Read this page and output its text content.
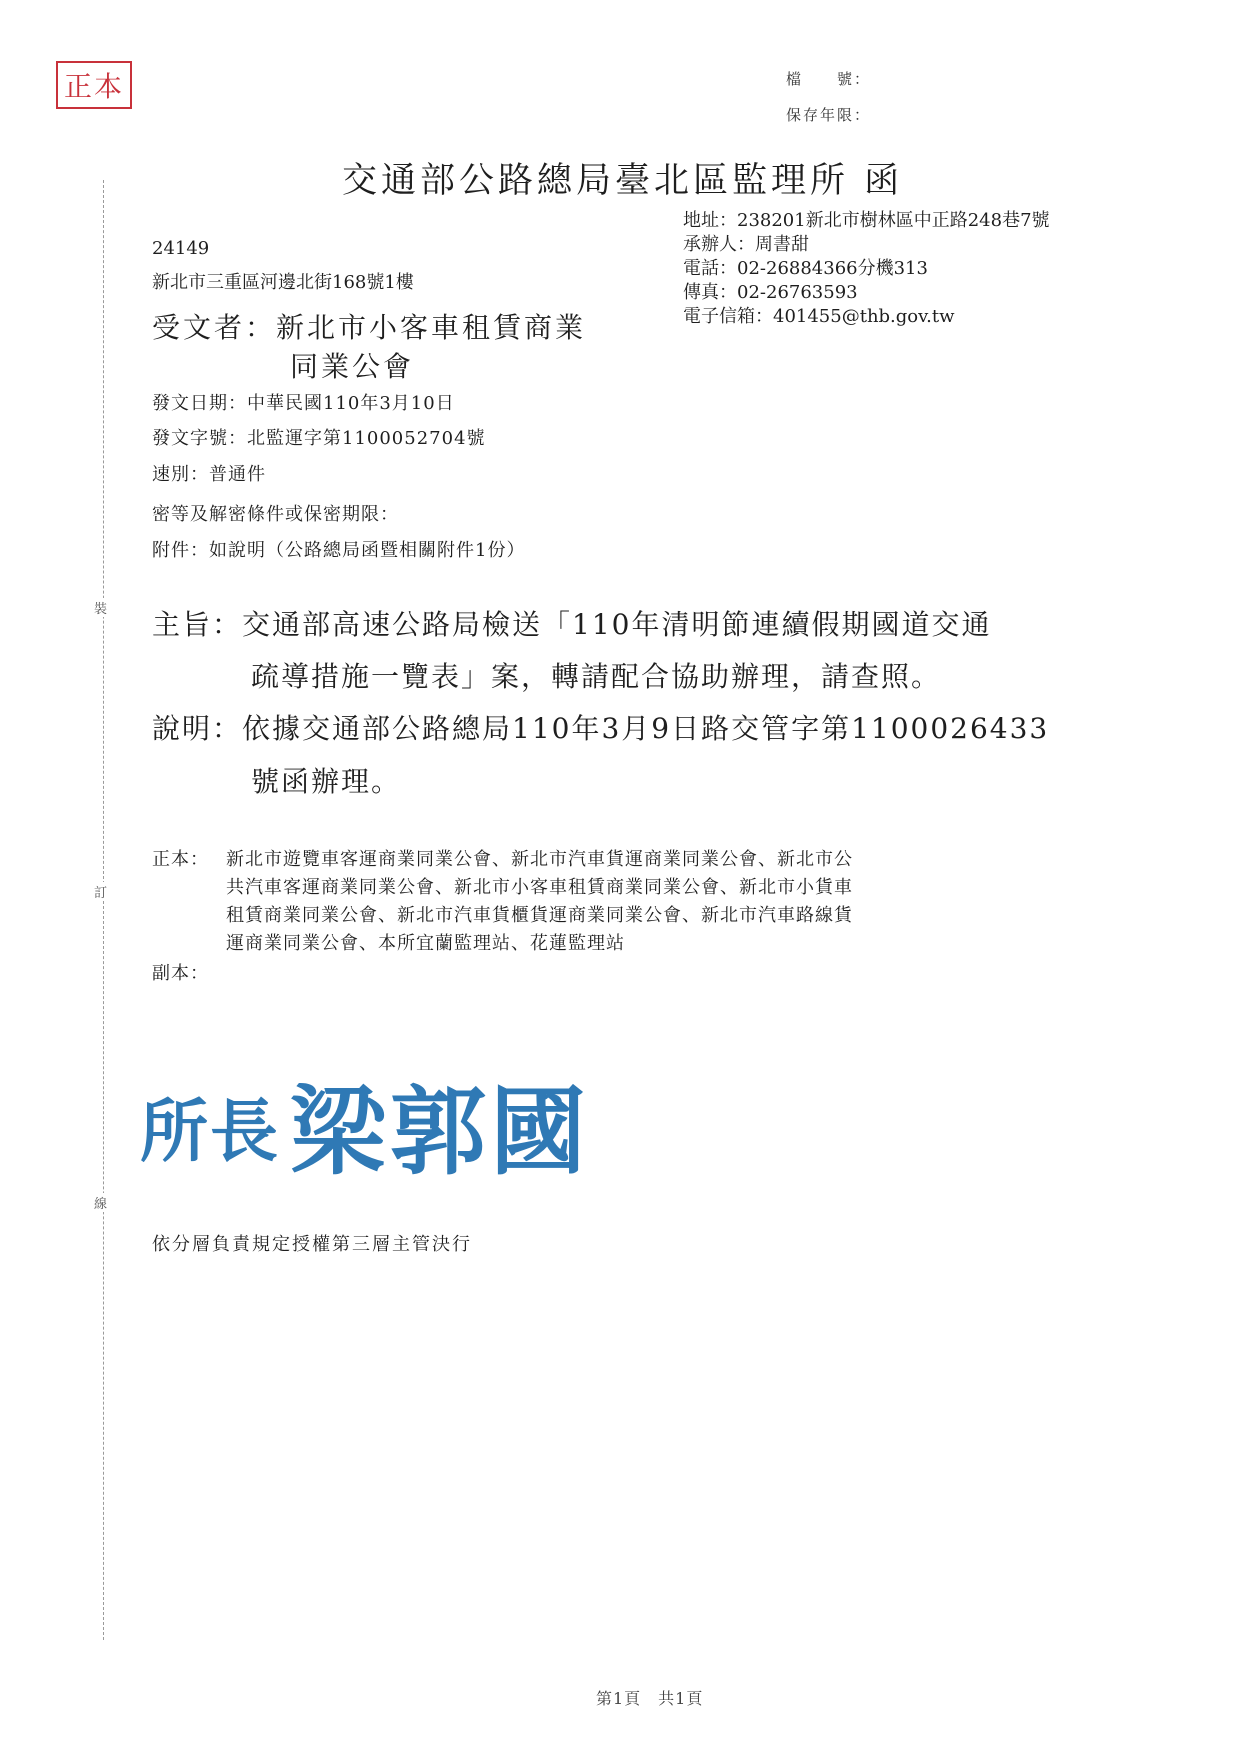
正本	檔　　號：
保存年限：
交通部公路總局臺北區監理所 函
地址：238201新北市樹林區中正路248巷7號
承辦人：周書甜
電話：02-26884366分機313
傳真：02-26763593
電子信箱：401455@thb.gov.tw
24149
新北市三重區河邊北街168號1樓
受文者：新北市小客車租賃商業
同業公會
發文日期：中華民國110年3月10日
發文字號：北監運字第1100052704號
速別：普通件
密等及解密條件或保密期限：
附件：如說明（公路總局函暨相關附件1份）
主旨：交通部高速公路局檢送「110年清明節連續假期國道交通
疏導措施一覽表」案，轉請配合協助辦理，請查照。
說明：依據交通部公路總局110年3月9日路交管字第1100026433
號函辦理。
正本： 新北市遊覽車客運商業同業公會、新北市汽車貨運商業同業公會、新北市公
共汽車客運商業同業公會、新北市小客車租賃商業同業公會、新北市小貨車
租賃商業同業公會、新北市汽車貨櫃貨運商業同業公會、新北市汽車路線貨
運商業同業公會、本所宜蘭監理站、花蓮監理站
副本：
所長 梁郭國
依分層負責規定授權第三層主管決行
裝
訂
線
第1頁　共1頁
